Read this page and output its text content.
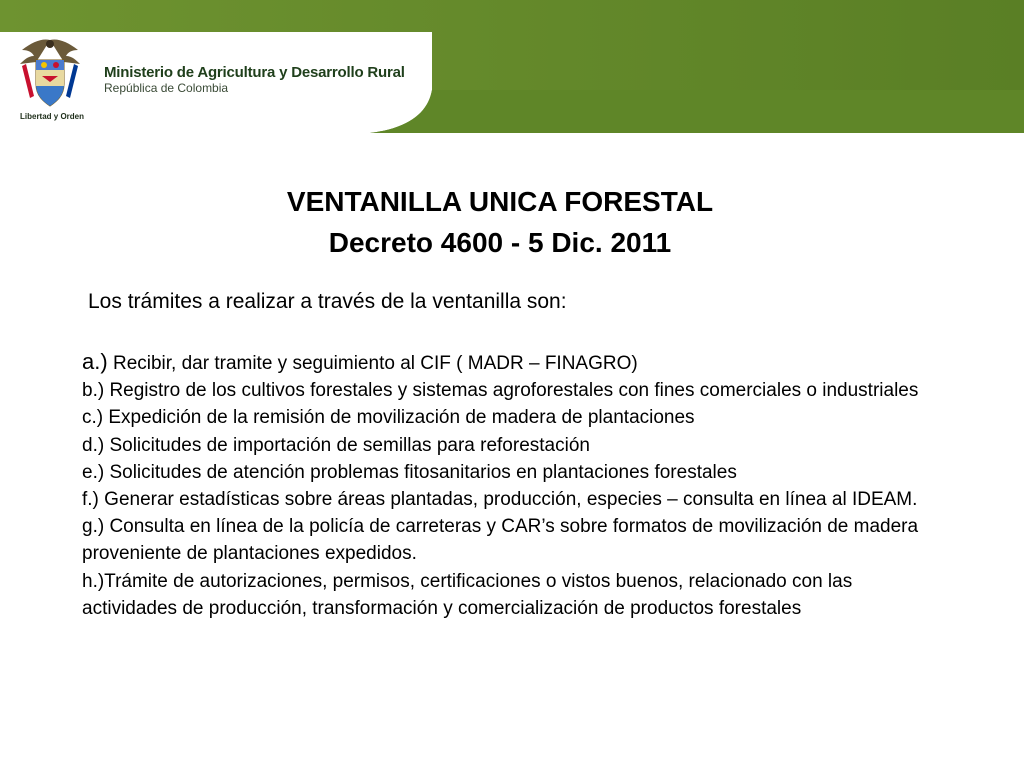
Libertad y Orden
Ministerio de Agricultura y Desarrollo Rural
República de Colombia
VENTANILLA UNICA FORESTAL
Decreto 4600 - 5 Dic. 2011
Los trámites a realizar a través de la ventanilla son:

a.) Recibir, dar tramite y seguimiento al CIF ( MADR – FINAGRO)

b.) Registro de los cultivos forestales y sistemas agroforestales con fines comerciales o industriales

c.) Expedición de la remisión de movilización de madera de plantaciones

d.) Solicitudes de importación de semillas para reforestación

e.) Solicitudes de atención problemas fitosanitarios en plantaciones forestales

f.) Generar estadísticas sobre áreas plantadas, producción, especies – consulta en línea al IDEAM.

g.) Consulta en línea de la policía de carreteras y CAR’s sobre formatos de movilización de madera proveniente de plantaciones expedidos.

h.)Trámite de autorizaciones, permisos, certificaciones o vistos buenos, relacionado con las actividades de producción, transformación y comercialización de productos forestales
